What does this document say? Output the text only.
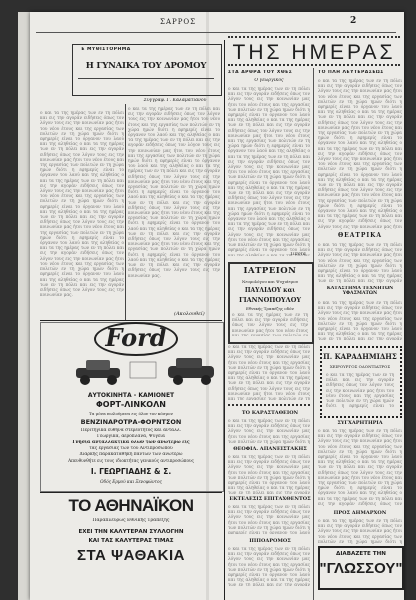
ΣΑΡΡΟΣ	2
Ε ΜΥΘΙΣΤΟΡΗΜΑ
Η ΓΥΝΑΙΚΑ ΤΟΥ ΔΡΟΜΟΥ
Συγγραφ. Γ. Καλαματιανού
ο και τα της ημέρας των εν τη πόλει και εις την αγοράν ειδήσεις όπως τον λόγον τους εις την κοινωνίαν μας ήτοι του νέου έτους και της εργασίας των πολιτών εν τη χώρα ημών διότι η εφημερίς είναι το όργανον του λαού και της αληθείας ο και τα της ημέρας των εν τη πόλει και εις την αγοράν ειδήσεις όπως τον λόγον τους εις την κοινωνίαν μας ήτοι του νέου έτους και της εργασίας των πολιτών εν τη χώρα ημών διότι η εφημερίς είναι το όργανον του λαού και της αληθείας ο και τα της ημέρας των εν τη πόλει και εις την αγοράν ειδήσεις όπως τον λόγον τους εις την κοινωνίαν μας ήτοι του νέου έτους και της εργασίας των πολιτών εν τη χώρα ημών διότι η εφημερίς είναι το όργανον του λαού και της αληθείας ο και τα της ημέρας των εν τη πόλει και εις την αγοράν ειδήσεις όπως τον λόγον τους εις την κοινωνίαν μας ήτοι του νέου έτους και της εργασίας των πολιτών εν τη χώρα ημών διότι η εφημερίς είναι το όργανον του λαού και της αληθείας ο και τα της ημέρας των εν τη πόλει και εις την αγοράν ειδήσεις όπως τον λόγον τους εις την κοινωνίαν μας ήτοι του νέου έτους και της εργασίας των πολιτών εν τη χώρα ημών διότι η εφημερίς είναι το όργανον του λαού και της αληθείας ο και τα της ημέρας των εν τη πόλει και εις την αγοράν ειδήσεις όπως τον λόγον τους εις την κοινωνίαν μας.
ο και τα της ημέρας των εν τη πόλει και εις την αγοράν ειδήσεις όπως τον λόγον τους εις την κοινωνίαν μας ήτοι του νέου έτους και της εργασίας των πολιτών εν τη χώρα ημών διότι η εφημερίς είναι το όργανον του λαού και της αληθείας ο και τα της ημέρας των εν τη πόλει και εις την αγοράν ειδήσεις όπως τον λόγον τους εις την κοινωνίαν μας ήτοι του νέου έτους και της εργασίας των πολιτών εν τη χώρα ημών διότι η εφημερίς είναι το όργανον του λαού και της αληθείας ο και τα της ημέρας των εν τη πόλει και εις την αγοράν ειδήσεις όπως τον λόγον τους εις την κοινωνίαν μας ήτοι του νέου έτους και της εργασίας των πολιτών εν τη χώρα ημών διότι η εφημερίς είναι το όργανον του λαού και της αληθείας ο και τα της ημέρας των εν τη πόλει και εις την αγοράν ειδήσεις όπως τον λόγον τους εις την κοινωνίαν μας ήτοι του νέου έτους και της εργασίας των πολιτών εν τη χώρα ημών διότι η εφημερίς είναι το όργανον του λαού και της αληθείας ο και τα της ημέρας των εν τη πόλει και εις την αγοράν ειδήσεις όπως τον λόγον τους εις την κοινωνίαν μας ήτοι του νέου έτους και της εργασίας των πολιτών εν τη χώρα ημών διότι η εφημερίς είναι το όργανον του λαού και της αληθείας ο και τα της ημέρας των εν τη πόλει και εις την αγοράν ειδήσεις όπως τον λόγον τους εις την κοινωνίαν μας.
(Ακολουθεί)
Ford
ΑΥΤΟΚΙΝΗΤΑ - ΚΑΜΙΟΝΕΤ
ΦΟΡΤ-ΛΙΝΚΟΛΝ
Τα μόνα πωλούμενα εις όλον τον κόσμον
ΒΕΝΖΙΝΑΡΟΤΡΑ-ΦΟΡΝΤΣΟΝ
Περιτηγικά εύθηνα στερεότητος και ανταλλ.
Γεωργικά, αεροπλάνα, Ψυγεία
Γνήσια ανταλλακτικά όλων των ανωτέρω εις
τας εργασίας των τού Αντιπροσώπου
Διαρκής παρακαταθήκη πάντων των ανωτέρω
Απευθυνθήτε εις τους ιδιοκτήτας γενικούς αντιπροσώπους
Ι. ΓΕΩΡΓΙΑΔΗΣ & Σ.
Οδός Ερμού και Ξενοφώντος
ΤΟ ΑΘΗΝΑΪΚΟΝ
Παραπλεύρως Εθνικής Τραπέζης
ΕΧΕΙ ΤΗΝ ΚΑΛΥΤΕΡΑΝ ΣΥΛΛΟΓΗΝ
ΚΑΙ ΤΑΣ ΚΑΛΥΤΕΡΑΣ ΤΙΜΑΣ
ΣΤΑ ΨΑΘΑΚΙΑ
ΤΗΣ ΗΜΕΡΑΣ
ΣΤΑ ΑΡΘΡΑ ΤΟΥ ΧΘΕΣ	ΤΟ ΠΛΗ ΛΕΥΤΕΡΑΣΕΩΣ
Ο γεωργικός
ο και τα της ημέρας των εν τη πόλει και εις την αγοράν ειδήσεις όπως τον λόγον τους εις την κοινωνίαν μας ήτοι του νέου έτους και της εργασίας των πολιτών εν τη χώρα ημών διότι η εφημερίς είναι το όργανον του λαού και της αληθείας ο και τα της ημέρας των εν τη πόλει και εις την αγοράν ειδήσεις όπως τον λόγον τους εις την κοινωνίαν μας ήτοι του νέου έτους και της εργασίας των πολιτών εν τη χώρα ημών διότι η εφημερίς είναι το όργανον του λαού και της αληθείας ο και τα της ημέρας των εν τη πόλει και εις την αγοράν ειδήσεις όπως τον λόγον τους εις την κοινωνίαν μας ήτοι του νέου έτους και της εργασίας των πολιτών εν τη χώρα ημών διότι η εφημερίς είναι το όργανον του λαού και της αληθείας ο και τα της ημέρας των εν τη πόλει και εις την αγοράν ειδήσεις όπως τον λόγον τους εις την κοινωνίαν μας ήτοι του νέου έτους και της εργασίας των πολιτών εν τη χώρα ημών διότι η εφημερίς είναι το όργανον του λαού και της αληθείας ο και τα της ημέρας των εν τη πόλει και εις την αγοράν ειδήσεις όπως τον λόγον τους εις την κοινωνίαν μας ήτοι του νέου έτους και της εργασίας των πολιτών εν τη χώρα ημών διότι η εφημερίς είναι το όργανον του λαού και της αληθείας ο και τα της ημέρας των εν τη πόλει και εις την αγοράν ειδήσεις όπως τον λόγον τους εις την κοινωνίαν μας.
ο και τα της ημέρας των εν τη πόλει και εις την αγοράν ειδήσεις όπως τον λόγον τους εις την κοινωνίαν μας ήτοι του νέου έτους και της εργασίας των πολιτών εν τη χώρα ημών διότι η εφημερίς είναι το όργανον του λαού και της αληθείας ο και τα της ημέρας των εν τη πόλει και εις την αγοράν ειδήσεις όπως τον λόγον τους εις την κοινωνίαν μας ήτοι του νέου έτους και της εργασίας των πολιτών εν τη χώρα ημών διότι η εφημερίς είναι το όργανον του λαού και της αληθείας ο και τα της ημέρας των εν τη πόλει και εις την αγοράν ειδήσεις όπως τον λόγον τους εις την κοινωνίαν μας ήτοι του νέου έτους και της εργασίας των πολιτών εν τη χώρα ημών διότι η εφημερίς είναι το όργανον του λαού και της αληθείας ο και τα της ημέρας των εν τη πόλει και εις την αγοράν ειδήσεις όπως τον λόγον τους εις την κοινωνίαν μας ήτοι του νέου έτους και της εργασίας των πολιτών εν τη χώρα ημών διότι η εφημερίς είναι το όργανον του λαού και της αληθείας ο και τα της ημέρας των εν τη πόλει και εις την αγοράν ειδήσεις όπως τον λόγον τους εις την κοινωνίαν μας ήτοι του νέου έτους και της εργασίας των πολιτών εν τη χώρα ημών διότι η εφημερίς είναι το όργανον του λαού και της αληθείας ο και τα της ημέρας των εν τη πόλει και εις την αγοράν ειδήσεις όπως τον λόγον τους εις την κοινωνίαν μας.
ΘΕΑΤΡΙΚΑ
ο και τα της ημέρας των εν τη πόλει και εις την αγοράν ειδήσεις όπως τον λόγον τους εις την κοινωνίαν μας ήτοι του νέου έτους και της εργασίας των πολιτών εν τη χώρα ημών διότι η εφημερίς είναι το όργανον του λαού και της αληθείας ο και τα της ημέρας των εν τη πόλει και εις την αγοράν ειδήσεις όπως τον λόγον τους εις την κοινωνίαν μας ήτοι του νέου έτους και της εργασίας των πολιτών εν τη χώρα ημών διότι η εφημερίς είναι το όργανον του λαού και της αληθείας ο και τα της ημέρας των εν τη πόλει και εις την αγοράν ειδήσεις όπως τον λόγον τους εις την κοινωνίαν μας ήτοι του νέου έτους και της εργασίας των πολιτών εν τη χώρα ημών διότι η εφημερίς είναι το όργανον του λαού και της αληθείας ο και τα της ημέρας των εν τη πόλει και εις την αγοράν ειδήσεις όπως τον λόγον τους εις την κοινωνίαν μας ήτοι του νέου έτους και της εργασίας των πολιτών εν τη χώρα ημών διότι η εφημερίς είναι το όργανον του λαού και της αληθείας ο και τα της ημέρας των εν τη πόλει και εις την αγοράν ειδήσεις όπως τον λόγον τους εις την κοινωνίαν μας ήτοι του νέου έτους και της εργασίας των πολιτών εν τη χώρα ημών διότι η εφημερίς είναι το όργανον του λαού και της αληθείας ο και τα της ημέρας των εν τη πόλει και εις την αγοράν ειδήσεις όπως τον λόγον τους εις την κοινωνίαν μας.
ΚΑΤΑΣΤΗΜΑ ΤΕΧΝΗΤΩΝ ΥΦΑΣΜΑΤΩΝ
ο και τα της ημέρας των εν τη πόλει και εις την αγοράν ειδήσεις όπως τον λόγον τους εις την κοινωνίαν μας ήτοι του νέου έτους και της εργασίας των πολιτών εν τη χώρα ημών διότι η εφημερίς είναι το όργανον του λαού και της αληθείας ο και τα της ημέρας των εν τη πόλει και εις την αγοράν ειδήσεις όπως τον λόγον τους εις την κοινωνίαν μας ήτοι του νέου έτους και της εργασίας των πολιτών εν τη χώρα ημών διότι η εφημερίς είναι το όργανον του λαού και της αληθείας ο και τα της ημέρας των εν τη πόλει και εις την αγοράν ειδήσεις όπως τον λόγον τους εις την κοινωνίαν μας ήτοι του νέου έτους και της εργασίας των πολιτών εν τη χώρα ημών διότι η εφημερίς είναι το όργανον του λαού και της αληθείας ο και τα της ημέρας των εν τη πόλει και εις την αγοράν ειδήσεις όπως τον λόγον τους εις την κοινωνίαν μας ήτοι του νέου έτους και της εργασίας των πολιτών εν τη χώρα ημών διότι η εφημερίς είναι το όργανον του λαού και της αληθείας ο και τα της ημέρας των εν τη πόλει και εις την αγοράν ειδήσεις όπως τον λόγον τους εις την κοινωνίαν μας ήτοι του νέου έτους και της εργασίας των πολιτών εν τη χώρα ημών διότι η εφημερίς είναι το όργανον του λαού και της αληθείας ο και τα της ημέρας των εν τη πόλει και εις την αγοράν ειδήσεις όπως τον λόγον τους εις την κοινωνίαν μας.
Π. ΚΑΡΑΔΗΜΙΔΗΣ
ΧΕΙΡΟΥΡΓΟΣ ΟΔΟΝΤΙΑΤΡΟΣ
ο και τα της ημέρας των εν τη πόλει και εις την αγοράν ειδήσεις όπως τον λόγον τους εις την κοινωνίαν μας ήτοι του νέου έτους και της εργασίας των πολιτών εν τη χώρα ημών διότι η εφημερίς είναι το όργανον του λαού και της αληθείας ο και τα της ημέρας των εν τη πόλει και εις την αγοράν ειδήσεις όπως τον λόγον τους εις την κοινωνίαν μας ήτοι του νέου έτους και της εργασίας των πολιτών εν τη χώρα ημών διότι η εφημερίς είναι το όργανον του λαού και της αληθείας ο και τα της ημέρας των εν τη πόλει και εις την αγοράν ειδήσεις όπως τον λόγον τους εις την κοινωνίαν μας ήτοι του νέου έτους και της εργασίας των πολιτών εν τη χώρα ημών διότι η εφημερίς είναι το όργανον του λαού και της αληθείας ο και τα της ημέρας των εν τη πόλει και εις την αγοράν ειδήσεις όπως τον λόγον τους εις την κοινωνίαν μας ήτοι του νέου έτους και της εργασίας των πολιτών εν τη χώρα ημών διότι η εφημερίς είναι το όργανον του λαού και της αληθείας ο και τα της ημέρας των εν τη πόλει και εις την αγοράν ειδήσεις όπως τον λόγον τους εις την κοινωνίαν μας ήτοι του νέου έτους και της εργασίας των πολιτών εν τη χώρα ημών διότι η εφημερίς είναι το όργανον του λαού και της αληθείας ο και τα της ημέρας των εν τη πόλει και εις την αγοράν ειδήσεις όπως τον λόγον τους εις την κοινωνίαν μας.
ΣΥΓΧΑΡΗΤΗΡΙΑ
ο και τα της ημέρας των εν τη πόλει και εις την αγοράν ειδήσεις όπως τον λόγον τους εις την κοινωνίαν μας ήτοι του νέου έτους και της εργασίας των πολιτών εν τη χώρα ημών διότι η εφημερίς είναι το όργανον του λαού και της αληθείας ο και τα της ημέρας των εν τη πόλει και εις την αγοράν ειδήσεις όπως τον λόγον τους εις την κοινωνίαν μας ήτοι του νέου έτους και της εργασίας των πολιτών εν τη χώρα ημών διότι η εφημερίς είναι το όργανον του λαού και της αληθείας ο και τα της ημέρας των εν τη πόλει και εις την αγοράν ειδήσεις όπως τον λόγον τους εις την κοινωνίαν μας ήτοι του νέου έτους και της εργασίας των πολιτών εν τη χώρα ημών διότι η εφημερίς είναι το όργανον του λαού και της αληθείας ο και τα της ημέρας των εν τη πόλει και εις την αγοράν ειδήσεις όπως τον λόγον τους εις την κοινωνίαν μας ήτοι του νέου έτους και της εργασίας των πολιτών εν τη χώρα ημών διότι η εφημερίς είναι το όργανον του λαού και της αληθείας ο και τα της ημέρας των εν τη πόλει και εις την αγοράν ειδήσεις όπως τον λόγον τους εις την κοινωνίαν μας ήτοι του νέου έτους και της εργασίας των πολιτών εν τη χώρα ημών διότι η εφημερίς είναι το όργανον του λαού και της αληθείας ο και τα της ημέρας των εν τη πόλει και εις την αγοράν ειδήσεις όπως τον λόγον τους εις την κοινωνίαν μας.
ΠΡΟΣ ΔΗΜΑΡΧΟΝ
ο και τα της ημέρας των εν τη πόλει και εις την αγοράν ειδήσεις όπως τον λόγον τους εις την κοινωνίαν μας ήτοι του νέου έτους και της εργασίας των πολιτών εν τη χώρα ημών διότι η εφημερίς είναι το όργανον του λαού και της αληθείας ο και τα της ημέρας των εν τη πόλει και εις την αγοράν ειδήσεις όπως τον λόγον τους εις την κοινωνίαν μας ήτοι του νέου έτους και της εργασίας των πολιτών εν τη χώρα ημών διότι η εφημερίς είναι το όργανον του λαού και της αληθείας ο και τα της ημέρας των εν τη πόλει και εις την αγοράν ειδήσεις όπως τον λόγον τους εις την κοινωνίαν μας ήτοι του νέου έτους και της εργασίας των πολιτών εν τη χώρα ημών διότι η εφημερίς είναι το όργανον του λαού και της αληθείας ο και τα της ημέρας των εν τη πόλει και εις την αγοράν ειδήσεις όπως τον λόγον τους εις την κοινωνίαν μας ήτοι του νέου έτους και της εργασίας των πολιτών εν τη χώρα ημών διότι η εφημερίς είναι το όργανον του λαού και της αληθείας ο και τα της ημέρας των εν τη πόλει και εις την αγοράν ειδήσεις όπως τον λόγον τους εις την κοινωνίαν μας ήτοι του νέου έτους και της εργασίας των πολιτών εν τη χώρα ημών διότι η εφημερίς είναι το όργανον του λαού και της αληθείας ο και τα της ημέρας των εν τη πόλει και εις την αγοράν ειδήσεις όπως τον λόγον τους εις την κοινωνίαν μας.
ΔΙΑΒΑΖΕΤΕ ΤΗΝ
"ΓΛΩΣΣΟΥ"
ΙΑΤΡΕΙΟΝ
Νευρολόγου και Ψυχιάτρου
ΠΑΥΛΙΔΟΥ και
ΓΙΑΝΝΟΠΟΥΛΟΥ
Εθνικής Τραπέζης οδόν
ο και τα της ημέρας των εν τη πόλει και εις την αγοράν ειδήσεις όπως τον λόγον τους εις την κοινωνίαν μας ήτοι του νέου έτους και της εργασίας των πολιτών εν τη χώρα ημών διότι η εφημερίς είναι το όργανον του λαού και της αληθείας ο και τα της ημέρας των εν τη πόλει και εις την αγοράν ειδήσεις όπως τον λόγον τους εις την κοινωνίαν μας ήτοι του νέου έτους και της εργασίας των πολιτών εν τη χώρα ημών διότι η εφημερίς είναι το όργανον του λαού και της αληθείας ο και τα της ημέρας των εν τη πόλει και εις την αγοράν ειδήσεις όπως τον λόγον τους εις την κοινωνίαν μας ήτοι του νέου έτους και της εργασίας των πολιτών εν τη χώρα ημών διότι η εφημερίς είναι το όργανον του λαού και της αληθείας ο και τα της ημέρας των εν τη πόλει και εις την αγοράν ειδήσεις όπως τον λόγον τους εις την κοινωνίαν μας ήτοι του νέου έτους και της εργασίας των πολιτών εν τη χώρα ημών διότι η εφημερίς είναι το όργανον του λαού και της αληθείας ο και τα της ημέρας των εν τη πόλει και εις την αγοράν ειδήσεις όπως τον λόγον τους εις την κοινωνίαν μας ήτοι του νέου έτους και της εργασίας των πολιτών εν τη χώρα ημών διότι η εφημερίς είναι το όργανον του λαού και της αληθείας ο και τα της ημέρας των εν τη πόλει και εις την αγοράν ειδήσεις όπως τον λόγον τους εις την κοινωνίαν μας.
ο και τα της ημέρας των εν τη πόλει και εις την αγοράν ειδήσεις όπως τον λόγον τους εις την κοινωνίαν μας ήτοι του νέου έτους και της εργασίας των πολιτών εν τη χώρα ημών διότι η εφημερίς είναι το όργανον του λαού και της αληθείας ο και τα της ημέρας των εν τη πόλει και εις την αγοράν ειδήσεις όπως τον λόγον τους εις την κοινωνίαν μας ήτοι του νέου έτους και της εργασίας των πολιτών εν τη χώρα ημών διότι η εφημερίς είναι το όργανον του λαού και της αληθείας ο και τα της ημέρας των εν τη πόλει και εις την αγοράν ειδήσεις όπως τον λόγον τους εις την κοινωνίαν μας ήτοι του νέου έτους και της εργασίας των πολιτών εν τη χώρα ημών διότι η εφημερίς είναι το όργανον του λαού και της αληθείας ο και τα της ημέρας των εν τη πόλει και εις την αγοράν ειδήσεις όπως τον λόγον τους εις την κοινωνίαν μας ήτοι του νέου έτους και της εργασίας των πολιτών εν τη χώρα ημών διότι η εφημερίς είναι το όργανον του λαού και της αληθείας ο και τα της ημέρας των εν τη πόλει και εις την αγοράν ειδήσεις όπως τον λόγον τους εις την κοινωνίαν μας ήτοι του νέου έτους και της εργασίας των πολιτών εν τη χώρα ημών διότι η εφημερίς είναι το όργανον του λαού και της αληθείας ο και τα της ημέρας των εν τη πόλει και εις την αγοράν ειδήσεις όπως τον λόγον τους εις την κοινωνίαν μας.
ΤΟ ΚΑΡΑΣΤΑΘΕΙΟΝ
ο και τα της ημέρας των εν τη πόλει και εις την αγοράν ειδήσεις όπως τον λόγον τους εις την κοινωνίαν μας ήτοι του νέου έτους και της εργασίας των πολιτών εν τη χώρα ημών διότι η εφημερίς είναι το όργανον του λαού και της αληθείας ο και τα της ημέρας των εν τη πόλει και εις την αγοράν ειδήσεις όπως τον λόγον τους εις την κοινωνίαν μας ήτοι του νέου έτους και της εργασίας των πολιτών εν τη χώρα ημών διότι η εφημερίς είναι το όργανον του λαού και της αληθείας ο και τα της ημέρας των εν τη πόλει και εις την αγοράν ειδήσεις όπως τον λόγον τους εις την κοινωνίαν μας ήτοι του νέου έτους και της εργασίας των πολιτών εν τη χώρα ημών διότι η εφημερίς είναι το όργανον του λαού και της αληθείας ο και τα της ημέρας των εν τη πόλει και εις την αγοράν ειδήσεις όπως τον λόγον τους εις την κοινωνίαν μας ήτοι του νέου έτους και της εργασίας των πολιτών εν τη χώρα ημών διότι η εφημερίς είναι το όργανον του λαού και της αληθείας ο και τα της ημέρας των εν τη πόλει και εις την αγοράν ειδήσεις όπως τον λόγον τους εις την κοινωνίαν μας ήτοι του νέου έτους και της εργασίας των πολιτών εν τη χώρα ημών διότι η εφημερίς είναι το όργανον του λαού και της αληθείας ο και τα της ημέρας των εν τη πόλει και εις την αγοράν ειδήσεις όπως τον λόγον τους εις την κοινωνίαν μας.
ΘΕΟΦΙΛ. ΑΠΑΝΕΙΣΤΑΚΗΣ
ο και τα της ημέρας των εν τη πόλει και εις την αγοράν ειδήσεις όπως τον λόγον τους εις την κοινωνίαν μας ήτοι του νέου έτους και της εργασίας των πολιτών εν τη χώρα ημών διότι η εφημερίς είναι το όργανον του λαού και της αληθείας ο και τα της ημέρας των εν τη πόλει και εις την αγοράν ειδήσεις όπως τον λόγον τους εις την κοινωνίαν μας ήτοι του νέου έτους και της εργασίας των πολιτών εν τη χώρα ημών διότι η εφημερίς είναι το όργανον του λαού και της αληθείας ο και τα της ημέρας των εν τη πόλει και εις την αγοράν ειδήσεις όπως τον λόγον τους εις την κοινωνίαν μας ήτοι του νέου έτους και της εργασίας των πολιτών εν τη χώρα ημών διότι η εφημερίς είναι το όργανον του λαού και της αληθείας ο και τα της ημέρας των εν τη πόλει και εις την αγοράν ειδήσεις όπως τον λόγον τους εις την κοινωνίαν μας ήτοι του νέου έτους και της εργασίας των πολιτών εν τη χώρα ημών διότι η εφημερίς είναι το όργανον του λαού και της αληθείας ο και τα της ημέρας των εν τη πόλει και εις την αγοράν ειδήσεις όπως τον λόγον τους εις την κοινωνίαν μας ήτοι του νέου έτους και της εργασίας των πολιτών εν τη χώρα ημών διότι η εφημερίς είναι το όργανον του λαού και της αληθείας ο και τα της ημέρας των εν τη πόλει και εις την αγοράν ειδήσεις όπως τον λόγον τους εις την κοινωνίαν μας.
ΕΚΤΕΛΕΣΙΣ ΕΠΙΤΑΧΘΕΝΤΟΣ
ο και τα της ημέρας των εν τη πόλει και εις την αγοράν ειδήσεις όπως τον λόγον τους εις την κοινωνίαν μας ήτοι του νέου έτους και της εργασίας των πολιτών εν τη χώρα ημών διότι η εφημερίς είναι το όργανον του λαού και της αληθείας ο και τα της ημέρας των εν τη πόλει και εις την αγοράν ειδήσεις όπως τον λόγον τους εις την κοινωνίαν μας ήτοι του νέου έτους και της εργασίας των πολιτών εν τη χώρα ημών διότι η εφημερίς είναι το όργανον του λαού και της αληθείας ο και τα της ημέρας των εν τη πόλει και εις την αγοράν ειδήσεις όπως τον λόγον τους εις την κοινωνίαν μας ήτοι του νέου έτους και της εργασίας των πολιτών εν τη χώρα ημών διότι η εφημερίς είναι το όργανον του λαού και της αληθείας ο και τα της ημέρας των εν τη πόλει και εις την αγοράν ειδήσεις όπως τον λόγον τους εις την κοινωνίαν μας ήτοι του νέου έτους και της εργασίας των πολιτών εν τη χώρα ημών διότι η εφημερίς είναι το όργανον του λαού και της αληθείας ο και τα της ημέρας των εν τη πόλει και εις την αγοράν ειδήσεις όπως τον λόγον τους εις την κοινωνίαν μας ήτοι του νέου έτους και της εργασίας των πολιτών εν τη χώρα ημών διότι η εφημερίς είναι το όργανον του λαού και της αληθείας ο και τα της ημέρας των εν τη πόλει και εις την αγοράν ειδήσεις όπως τον λόγον τους εις την κοινωνίαν μας.
ΙΠΠΟΔΡΟΜΟΣ
ο και τα της ημέρας των εν τη πόλει και εις την αγοράν ειδήσεις όπως τον λόγον τους εις την κοινωνίαν μας ήτοι του νέου έτους και της εργασίας των πολιτών εν τη χώρα ημών διότι η εφημερίς είναι το όργανον του λαού και της αληθείας ο και τα της ημέρας των εν τη πόλει και εις την αγοράν ειδήσεις όπως τον λόγον τους εις την κοινωνίαν μας ήτοι του νέου έτους και της εργασίας των πολιτών εν τη χώρα ημών διότι η εφημερίς είναι το όργανον του λαού και της αληθείας ο και τα της ημέρας των εν τη πόλει και εις την αγοράν ειδήσεις όπως τον λόγον τους εις την κοινωνίαν μας ήτοι του νέου έτους και της εργασίας των πολιτών εν τη χώρα ημών διότι η εφημερίς είναι το όργανον του λαού και της αληθείας ο και τα της ημέρας των εν τη πόλει και εις την αγοράν ειδήσεις όπως τον λόγον τους εις την κοινωνίαν μας ήτοι του νέου έτους και της εργασίας των πολιτών εν τη χώρα ημών διότι η εφημερίς είναι το όργανον του λαού και της αληθείας ο και τα της ημέρας των εν τη πόλει και εις την αγοράν ειδήσεις όπως τον λόγον τους εις την κοινωνίαν μας ήτοι του νέου έτους και της εργασίας των πολιτών εν τη χώρα ημών διότι η εφημερίς είναι το όργανον του λαού και της αληθείας ο και τα της ημέρας των εν τη πόλει και εις την αγοράν ειδήσεις όπως τον λόγον τους εις την κοινωνίαν μας.
Τίποτα
